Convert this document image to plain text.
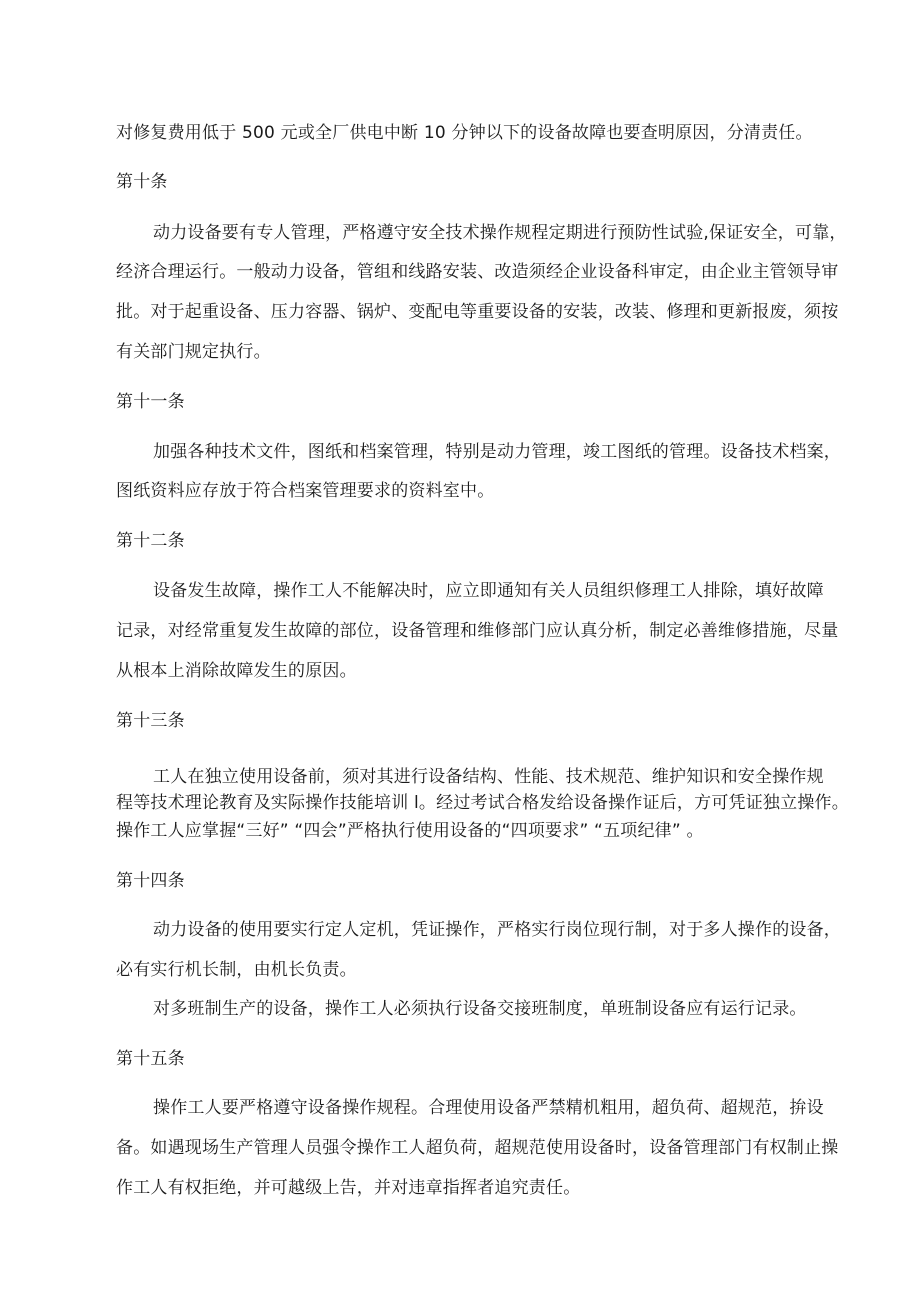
对修复费用低于 500 元或全厂供电中断 10 分钟以下的设备故障也要查明原因，分清责任。
第十条
动力设备要有专人管理，严格遵守安全技术操作规程定期进行预防性试验,保证安全，可靠，
经济合理运行。一般动力设备，管组和线路安装、改造须经企业设备科审定，由企业主管领导审
批。对于起重设备、压力容器、锅炉、变配电等重要设备的安装，改装、修理和更新报废，须按
有关部门规定执行。
第十一条
加强各种技术文件，图纸和档案管理，特别是动力管理，竣工图纸的管理。设备技术档案，
图纸资料应存放于符合档案管理要求的资料室中。
第十二条
设备发生故障，操作工人不能解决时，应立即通知有关人员组织修理工人排除，填好故障
记录，对经常重复发生故障的部位，设备管理和维修部门应认真分析，制定必善维修措施，尽量
从根本上消除故障发生的原因。
第十三条
工人在独立使用设备前，须对其进行设备结构、性能、技术规范、维护知识和安全操作规
程等技术理论教育及实际操作技能培训 l。经过考试合格发给设备操作证后，方可凭证独立操作。
操作工人应掌握“三好” “四会”严格执行使用设备的“四项要求” “五项纪律” 。
第十四条
动力设备的使用要实行定人定机，凭证操作，严格实行岗位现行制，对于多人操作的设备，
必有实行机长制，由机长负责。
对多班制生产的设备，操作工人必须执行设备交接班制度，单班制设备应有运行记录。
第十五条
操作工人要严格遵守设备操作规程。合理使用设备严禁精机粗用，超负荷、超规范，拚设
备。如遇现场生产管理人员强令操作工人超负荷，超规范使用设备时，设备管理部门有权制止操
作工人有权拒绝，并可越级上告，并对违章指挥者追究责任。
